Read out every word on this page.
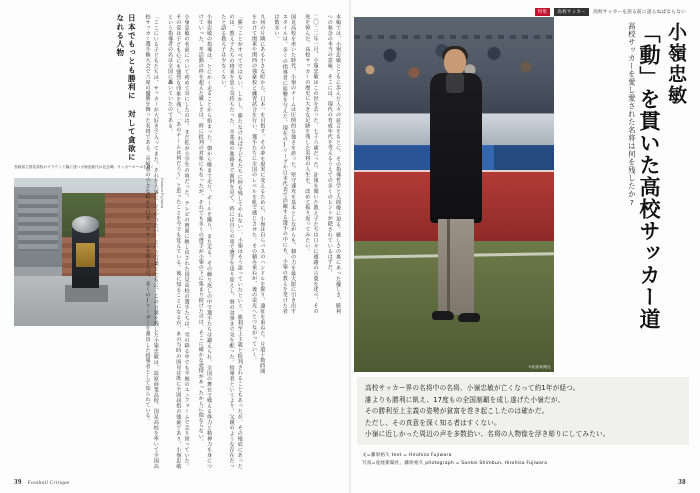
長崎県立国見高校のグラウンド脇に建つ小嶺忠敏氏の記念碑。サッカーボールを戴く
日本でもっとも勝利に 対して貪欲になれる人物	「ここにいる子どもたちは、サッカーが大好きで入ってきた。それを大事にしてやりたい」という言葉とともに、この言葉を残した小嶺忠敏は、島原商業高校、国見高校を率いて全国高校サッカー選手権大会で六度の優勝を飾った名将である。長崎県の小さな町から日本一のチームを作り上げ、多くのJリーガーを輩出した指導者として知られている。	小嶺忠敏の名前について初めて耳にしたのは、まだ私が小学生の頃だった。テレビの画面に映し出された国見高校の選手たちは、雪の降る中でも半袖のユニフォームで走り回っていた。その姿は子ども心にも強烈な印象を残し、「あのチームは何だろう」と思ったことを今でも覚えている。後に知ることになるが、あの当時の国見は既に全国屈指の強豪であり、小嶺忠敏という指導者の名は全国に轟いていたのである。	小嶺忠敏の指導は、とにかく走ることから始まった。朝から晩まで走り、ボールを蹴り、また走る。その繰り返しの中で選手たちは鍛えられ、全国の舞台で戦える体力と精神力を身につけていった。부活動の枠を超えた厳しさは、時に批判の対象にもなったが、それでも多くの選手が小嶺の下に集まり続けたのは、そこに確かな愛情があったからに他ならない。	「勝つことがすべてではない。しかし、勝たなければ子どもたちに何も残してやれない」。小嶺はそう語っていたという。勝利至上主義と批判されることもあったが、その根底にあったのは、教え子たちの将来を思う気持ちだった。卒業後の進路まで面倒を見て、時には自らの車で選手を送り迎えし、寮の食事まで気を配った。指導者というより、父親のような存在だったと語る教え子は少なくない。	九州の片隅にある小さな町から、日本一を目指す。その夢を現実に変えるために、小嶺は自らバスのハンドルを握り、遠征を重ねた。片道十数時間をかけて関東や関西の強豪校と練習試合を行い、選手たちに全国のレベルを肌で感じさせた。その積み重ねが、後の栄光へとつながっていく。	国見高校を率いた時代、小嶺のチームは圧倒的な強さを誇った。堅守速攻を基本としながらも、個の力を最大限に引き出すスタイルは、多くの指導者に影響を与えた。現在のJリーグや日本代表で活躍する選手の中にも、小嶺の教えを受けた者は数多い。	二〇二二年一月、小嶺忠敏はこの世を去った。七十六歳だった。訃報を聞いた教え子たちは口々に感謝の言葉を述べ、その死を悼んだ。高校サッカーの歴史に大きな足跡を残した名将の人生を、改めて振り返ってみたい。	本稿では、小嶺忠敏とともに歩んだ人々の証言をもとに、その指導哲学と人間像に迫る。厳しさの裏にあった優しさ、勝利への執念の本当の意味。そこには、現代の育成年代を考えるうえでの多くのヒントが隠されているはずだ。
Hirokoa Fujiwara
39 Football Critique
特集	高校サッカー	高校サッカーを語る前に語らねばならない
©産経新聞社
高校サッカーを愛し愛された名将は何を残したか? 「動」を貫いた高校サッカー道 小嶺忠敏
高校サッカー界の名将中の名将、小嶺忠敏が亡くなって約1年が経つ。
誰よりも勝利に飢え、17度もの全国制覇を成し遂げた小嶺だが、
その勝利至上主義の姿勢が貧富を巻き起こしたのは確かだ。
ただし、その真意を深く知る者はすくない。
小嶺に近しかった周辺の声を多数拾い、名将の人物像を浮き彫りにしてみたい。
文=藤原裕久 text = Hirohisa Fujiwara
写真=産経新聞社、藤原裕久 photograph = Sankei Shimbun, Hirohisa Fujiwara
38
